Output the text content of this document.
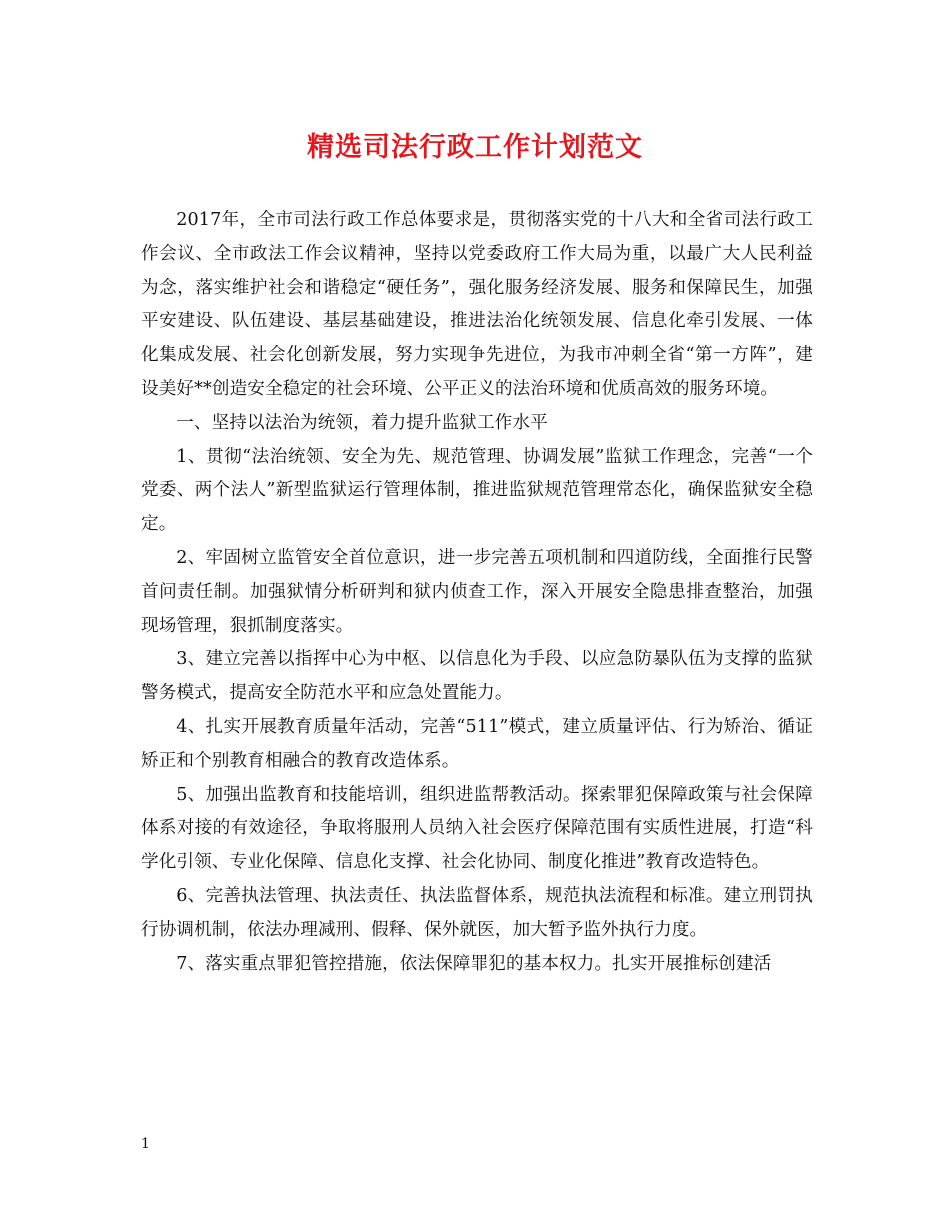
精选司法行政工作计划范文

2017年，全市司法行政工作总体要求是，贯彻落实党的十八大和全省司法行政工作会议、全市政法工作会议精神，坚持以党委政府工作大局为重，以最广大人民利益为念，落实维护社会和谐稳定“硬任务”，强化服务经济发展、服务和保障民生，加强平安建设、队伍建设、基层基础建设，推进法治化统领发展、信息化牵引发展、一体化集成发展、社会化创新发展，努力实现争先进位，为我市冲刺全省“第一方阵”，建设美好**创造安全稳定的社会环境、公平正义的法治环境和优质高效的服务环境。

一、坚持以法治为统领，着力提升监狱工作水平

1、贯彻“法治统领、安全为先、规范管理、协调发展”监狱工作理念，完善“一个党委、两个法人”新型监狱运行管理体制，推进监狱规范管理常态化，确保监狱安全稳定。

2、牢固树立监管安全首位意识，进一步完善五项机制和四道防线，全面推行民警首问责任制。加强狱情分析研判和狱内侦查工作，深入开展安全隐患排查整治，加强现场管理，狠抓制度落实。

3、建立完善以指挥中心为中枢、以信息化为手段、以应急防暴队伍为支撑的监狱警务模式，提高安全防范水平和应急处置能力。

4、扎实开展教育质量年活动，完善“511”模式，建立质量评估、行为矫治、循证矫正和个别教育相融合的教育改造体系。

5、加强出监教育和技能培训，组织进监帮教活动。探索罪犯保障政策与社会保障体系对接的有效途径，争取将服刑人员纳入社会医疗保障范围有实质性进展，打造“科学化引领、专业化保障、信息化支撑、社会化协同、制度化推进”教育改造特色。

6、完善执法管理、执法责任、执法监督体系，规范执法流程和标准。建立刑罚执行协调机制，依法办理减刑、假释、保外就医，加大暂予监外执行力度。

7、落实重点罪犯管控措施，依法保障罪犯的基本权力。扎实开展推标创建活

1
